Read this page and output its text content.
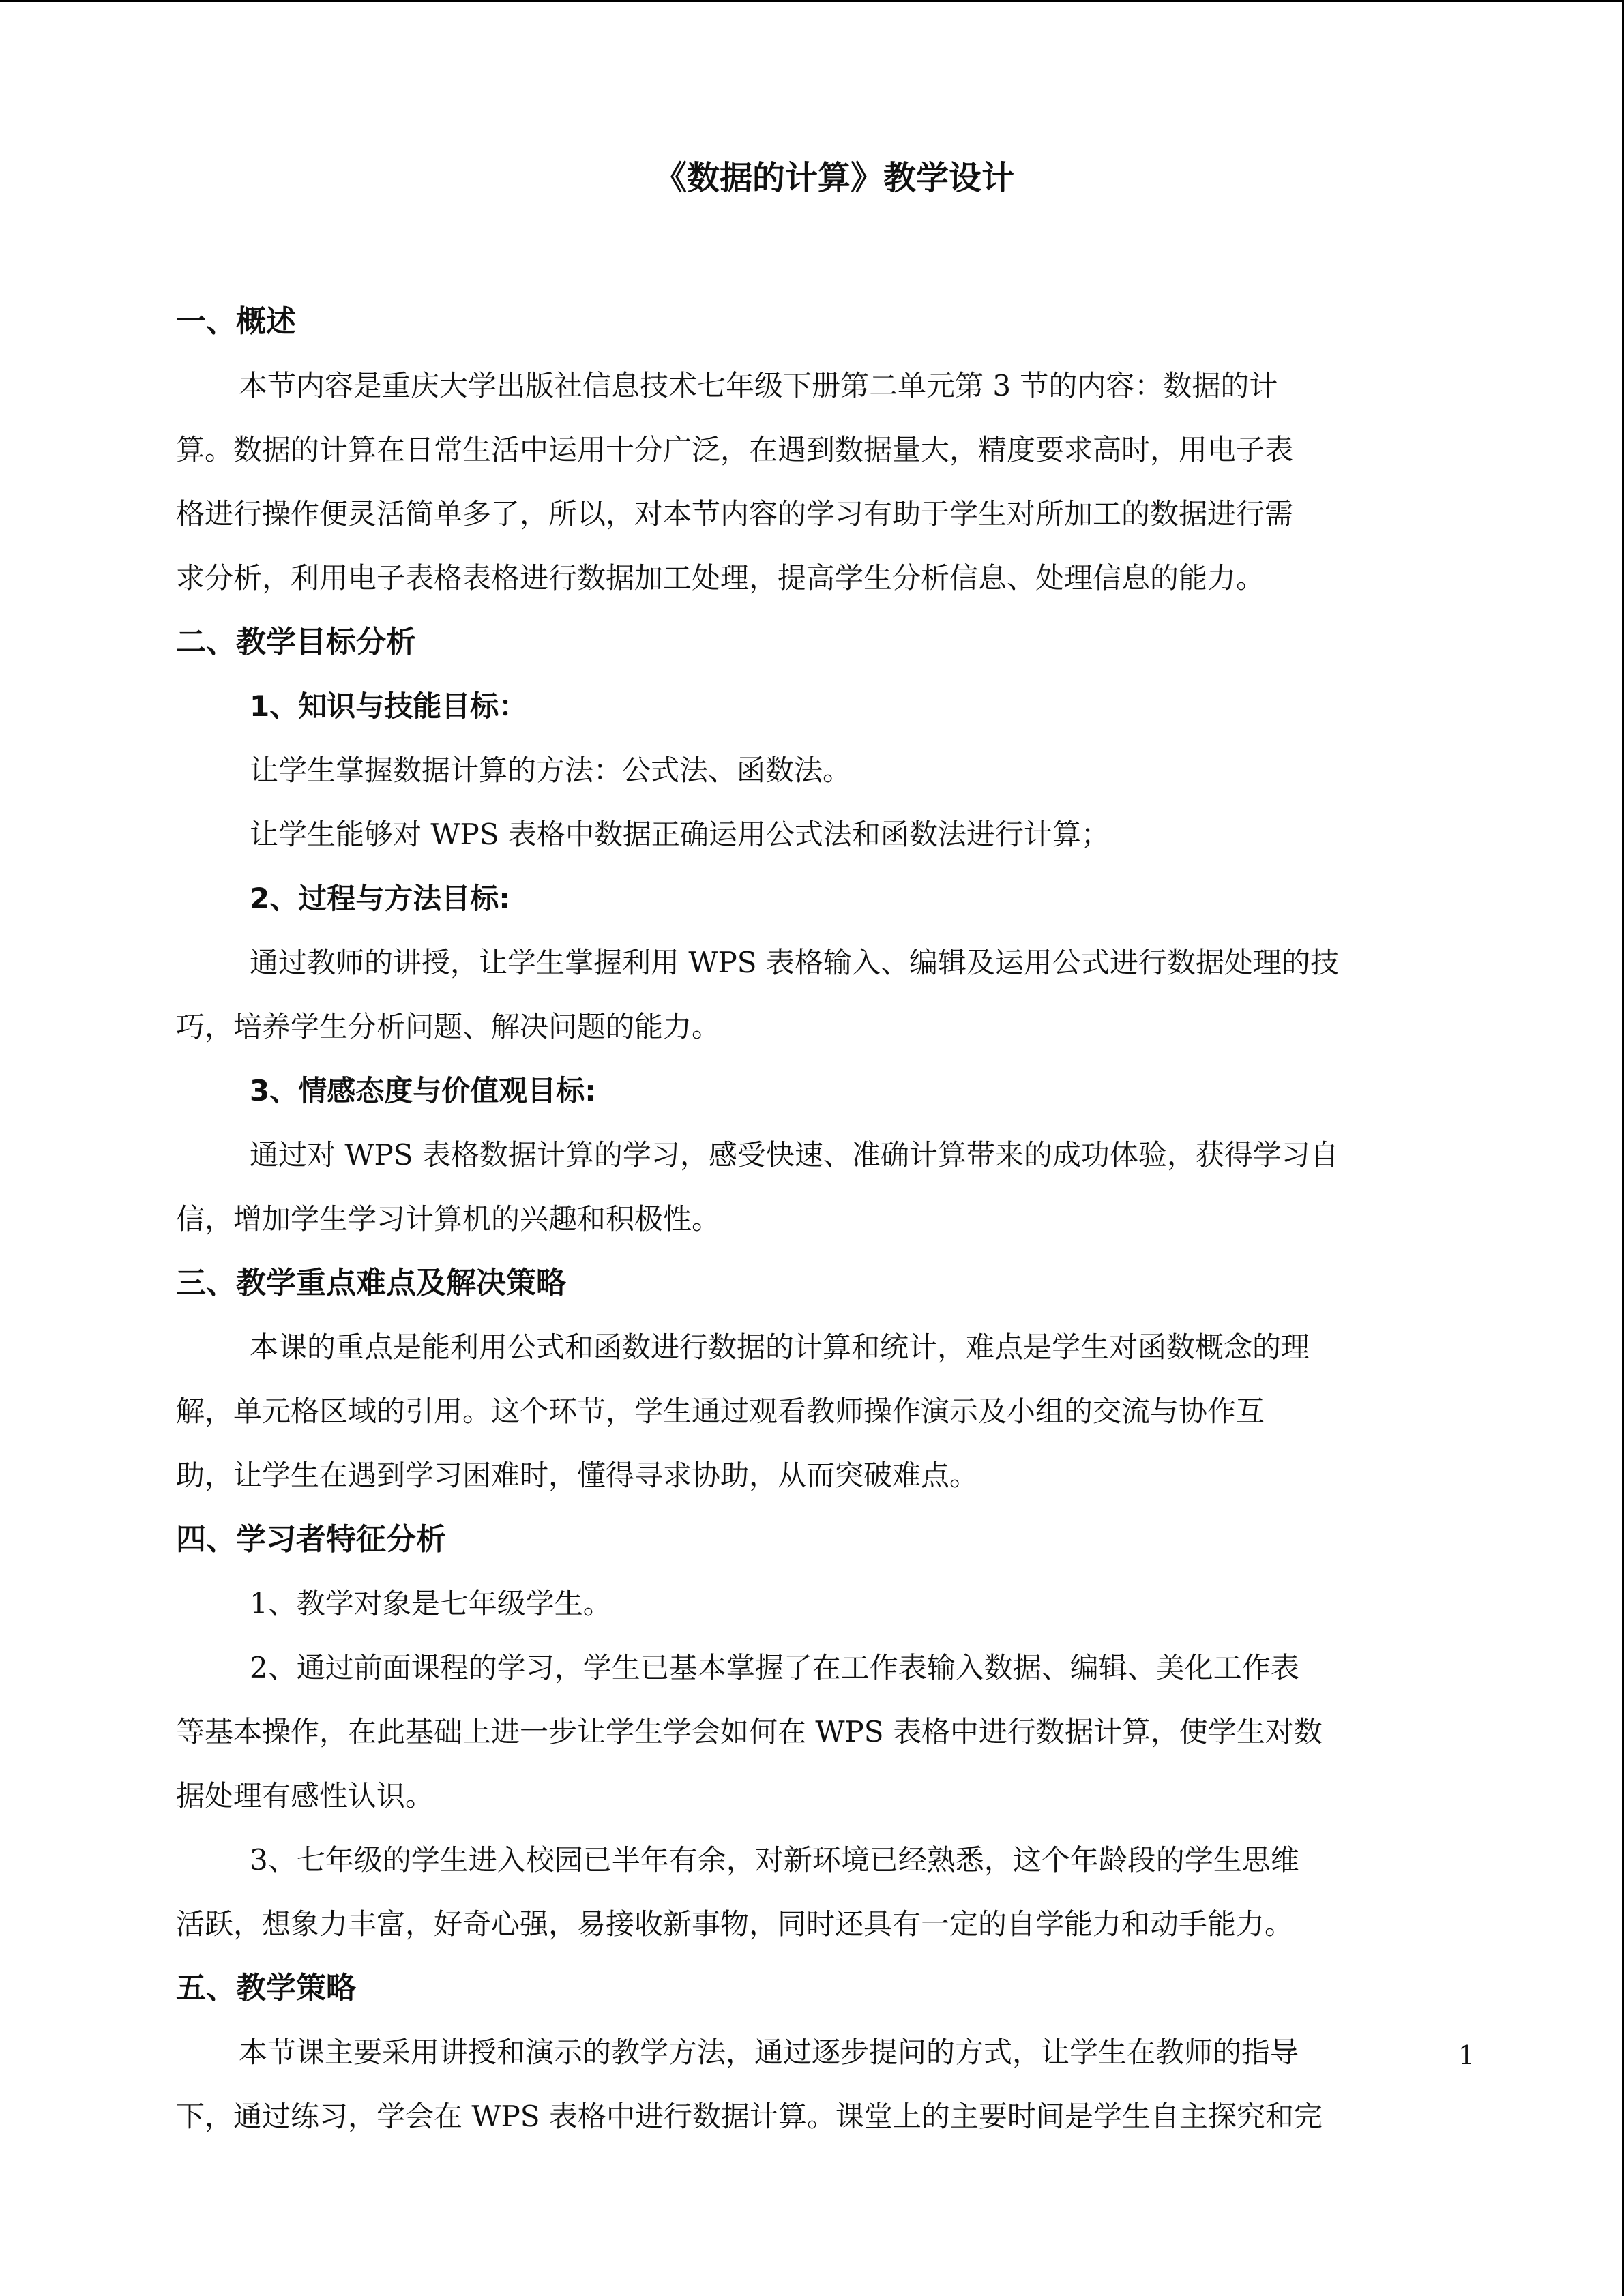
《数据的计算》教学设计
一、概述
本节内容是重庆大学出版社信息技术七年级下册第二单元第 3 节的内容：数据的计
算。数据的计算在日常生活中运用十分广泛，在遇到数据量大，精度要求高时，用电子表
格进行操作便灵活简单多了，所以，对本节内容的学习有助于学生对所加工的数据进行需
求分析，利用电子表格表格进行数据加工处理，提高学生分析信息、处理信息的能力。
二、教学目标分析
1、知识与技能目标：
让学生掌握数据计算的方法：公式法、函数法。
让学生能够对 WPS 表格中数据正确运用公式法和函数法进行计算；
2、过程与方法目标:
通过教师的讲授，让学生掌握利用 WPS 表格输入、编辑及运用公式进行数据处理的技
巧，培养学生分析问题、解决问题的能力。
3、情感态度与价值观目标:
通过对 WPS 表格数据计算的学习，感受快速、准确计算带来的成功体验，获得学习自
信，增加学生学习计算机的兴趣和积极性。
三、教学重点难点及解决策略
本课的重点是能利用公式和函数进行数据的计算和统计，难点是学生对函数概念的理
解，单元格区域的引用。这个环节，学生通过观看教师操作演示及小组的交流与协作互
助，让学生在遇到学习困难时，懂得寻求协助，从而突破难点。
四、学习者特征分析
1、教学对象是七年级学生。
2、通过前面课程的学习，学生已基本掌握了在工作表输入数据、编辑、美化工作表
等基本操作，在此基础上进一步让学生学会如何在 WPS 表格中进行数据计算，使学生对数
据处理有感性认识。
3、七年级的学生进入校园已半年有余，对新环境已经熟悉，这个年龄段的学生思维
活跃，想象力丰富，好奇心强，易接收新事物，同时还具有一定的自学能力和动手能力。
五、教学策略
本节课主要采用讲授和演示的教学方法，通过逐步提问的方式，让学生在教师的指导
下，通过练习，学会在 WPS 表格中进行数据计算。课堂上的主要时间是学生自主探究和完
1
